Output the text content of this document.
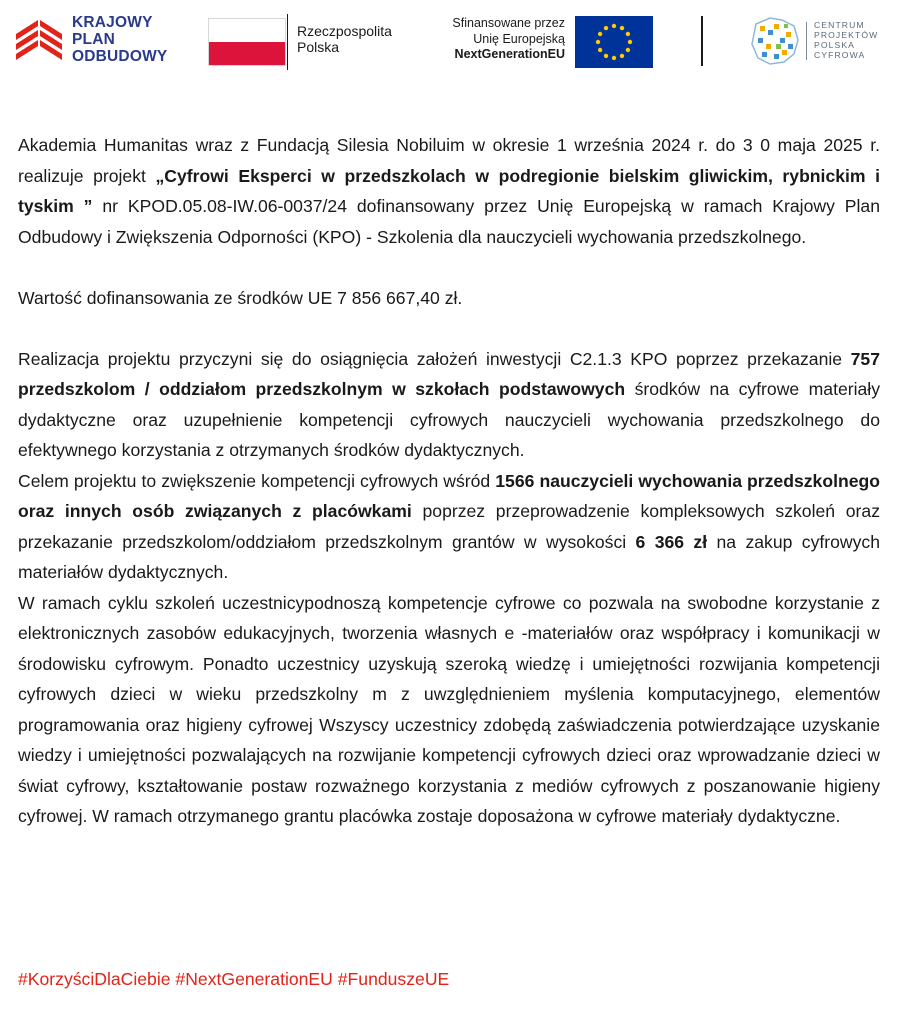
KRAJOWY
PLAN
ODBUDOWY
Rzeczpospolita
Polska
Sfinansowane przez
Unię Europejską
NextGenerationEU
CENTRUM
PROJEKTÓW
POLSKA
CYFROWA

Akademia Humanitas wraz z Fundacją Silesia Nobiluim w okresie 1 września 2024 r. do 3 0 maja 2025 r. realizuje projekt „Cyfrowi Eksperci w przedszkolach w podregionie bielskim gliwickim, rybnickim i tyskim ” nr KPOD.05.08-IW.06-0037/24 dofinansowany przez Unię Europejską w ramach Krajowy Plan Odbudowy i Zwiększenia Odporności (KPO) - Szkolenia dla nauczycieli wychowania przedszkolnego.

Wartość dofinansowania ze środków UE 7 856 667,40 zł.

Realizacja projektu przyczyni się do osiągnięcia założeń inwestycji C2.1.3 KPO poprzez przekazanie 757 przedszkolom / oddziałom przedszkolnym w szkołach podstawowych środków na cyfrowe materiały dydaktyczne oraz uzupełnienie kompetencji cyfrowych nauczycieli wychowania przedszkolnego do efektywnego korzystania z otrzymanych środków dydaktycznych.

Celem projektu to zwiększenie kompetencji cyfrowych wśród 1566 nauczycieli wychowania przedszkolnego oraz innych osób związanych z placówkami poprzez przeprowadzenie kompleksowych szkoleń oraz przekazanie przedszkolom/oddziałom przedszkolnym grantów w wysokości 6 366 zł na zakup cyfrowych materiałów dydaktycznych.

W ramach cyklu szkoleń uczestnicypodnoszą kompetencje cyfrowe co pozwala na swobodne korzystanie z elektronicznych zasobów edukacyjnych, tworzenia własnych e -materiałów oraz współpracy i komunikacji w środowisku cyfrowym. Ponadto uczestnicy uzyskują szeroką wiedzę i umiejętności rozwijania kompetencji cyfrowych dzieci w wieku przedszkolny m z uwzględnieniem myślenia komputacyjnego, elementów programowania oraz higieny cyfrowej Wszyscy uczestnicy zdobędą zaświadczenia potwierdzające uzyskanie wiedzy i umiejętności pozwalających na rozwijanie kompetencji cyfrowych dzieci oraz wprowadzanie dzieci w świat cyfrowy, kształtowanie postaw rozważnego korzystania z mediów cyfrowych z poszanowanie higieny cyfrowej. W ramach otrzymanego grantu placówka zostaje doposażona w cyfrowe materiały dydaktyczne.

#KorzyściDlaCiebie #NextGenerationEU #FunduszeUE
